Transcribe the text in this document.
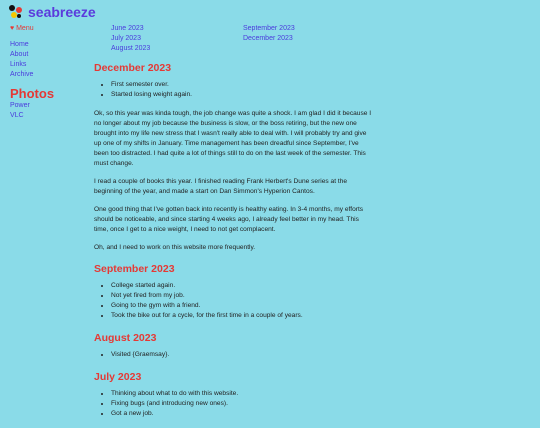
seabreeze
♥ Menu
Home
About
Links
Archive
Photos
Power
VLC
June 2023
July 2023
August 2023
September 2023
December 2023
December 2023
• First semester over.
• Started losing weight again.

Ok, so this year was kinda tough, the job change was quite a shock. I am glad I did it because I no longer about my job because the business is slow, or the boss retiring, but the new one brought into my life new stress that I wasn't really able to deal with. I will probably try and give up one of my shifts in January. Time management has been dreadful since September, I've been too distracted. I had quite a lot of things still to do on the last week of the semester. This must change.

I read a couple of books this year. I finished reading Frank Herbert's Dune series at the beginning of the year, and made a start on Dan Simmon's Hyperion Cantos.

One good thing that I've gotten back into recently is healthy eating. In 3-4 months, my efforts should be noticeable, and since starting 4 weeks ago, I already feel better in my head. This time, once I get to a nice weight, I need to not get complacent.

Oh, and I need to work on this website more frequently.

September 2023
• College started again.
• Not yet fired from my job.
• Going to the gym with a friend.
• Took the bike out for a cycle, for the first time in a couple of years.
August 2023
• Visited {Graemsay}.
July 2023
• Thinking about what to do with this website.
• Fixing bugs (and introducing new ones).
• Got a new job.
